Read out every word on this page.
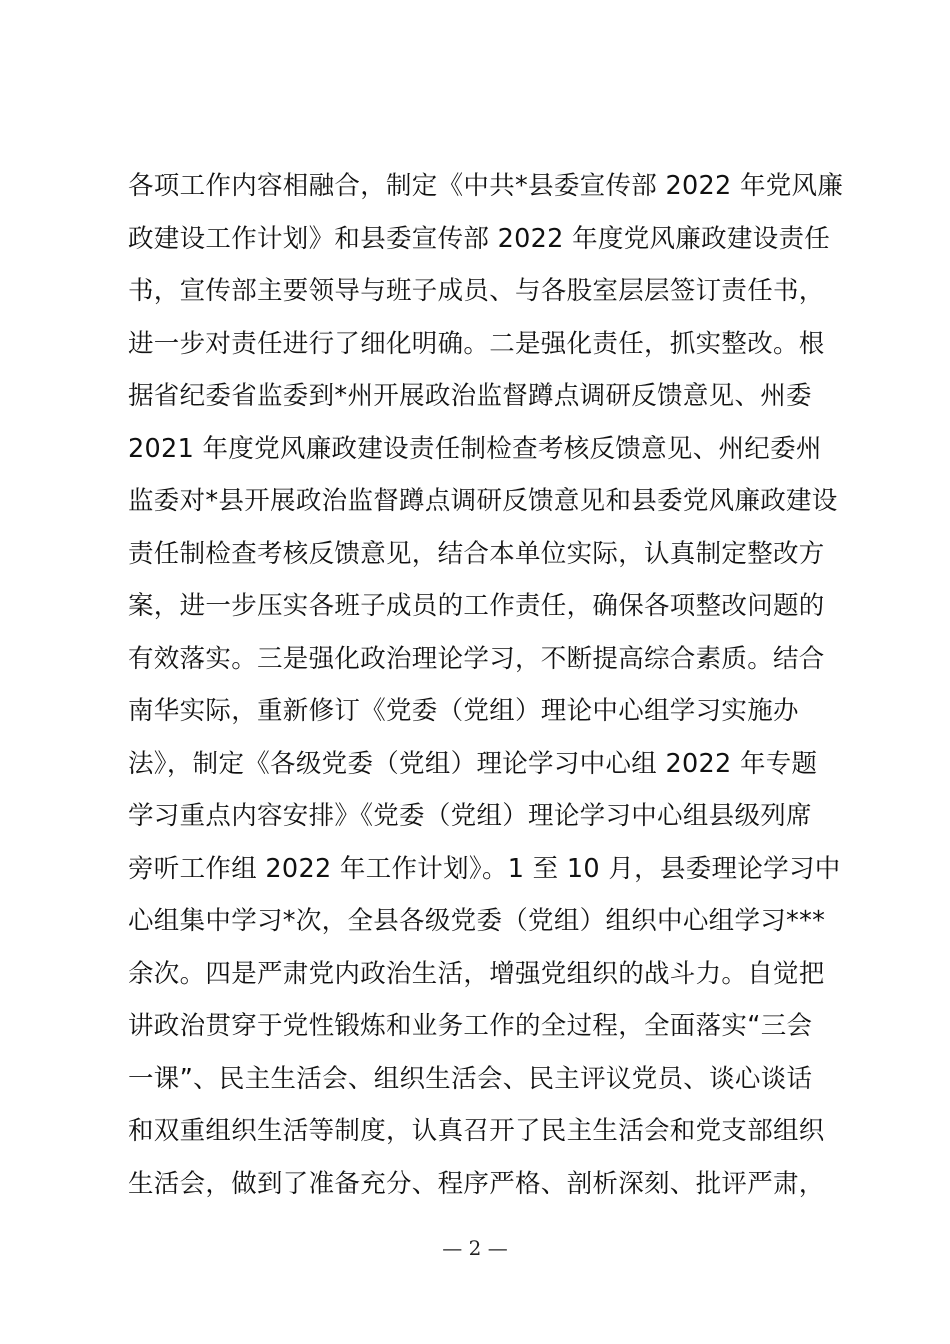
各项工作内容相融合，制定《中共*县委宣传部 2022 年党风廉
政建设工作计划》和县委宣传部 2022 年度党风廉政建设责任
书，宣传部主要领导与班子成员、与各股室层层签订责任书，
进一步对责任进行了细化明确。二是强化责任，抓实整改。根
据省纪委省监委到*州开展政治监督蹲点调研反馈意见、州委
2021 年度党风廉政建设责任制检查考核反馈意见、州纪委州
监委对*县开展政治监督蹲点调研反馈意见和县委党风廉政建设
责任制检查考核反馈意见，结合本单位实际，认真制定整改方
案，进一步压实各班子成员的工作责任，确保各项整改问题的
有效落实。三是强化政治理论学习，不断提高综合素质。结合
南华实际，重新修订《党委（党组）理论中心组学习实施办
法》，制定《各级党委（党组）理论学习中心组 2022 年专题
学习重点内容安排》《党委（党组）理论学习中心组县级列席
旁听工作组 2022 年工作计划》。1 至 10 月，县委理论学习中
心组集中学习*次，全县各级党委（党组）组织中心组学习***
余次。四是严肃党内政治生活，增强党组织的战斗力。自觉把
讲政治贯穿于党性锻炼和业务工作的全过程，全面落实“三会
一课”、民主生活会、组织生活会、民主评议党员、谈心谈话
和双重组织生活等制度，认真召开了民主生活会和党支部组织
生活会，做到了准备充分、程序严格、剖析深刻、批评严肃，
— 2 —
